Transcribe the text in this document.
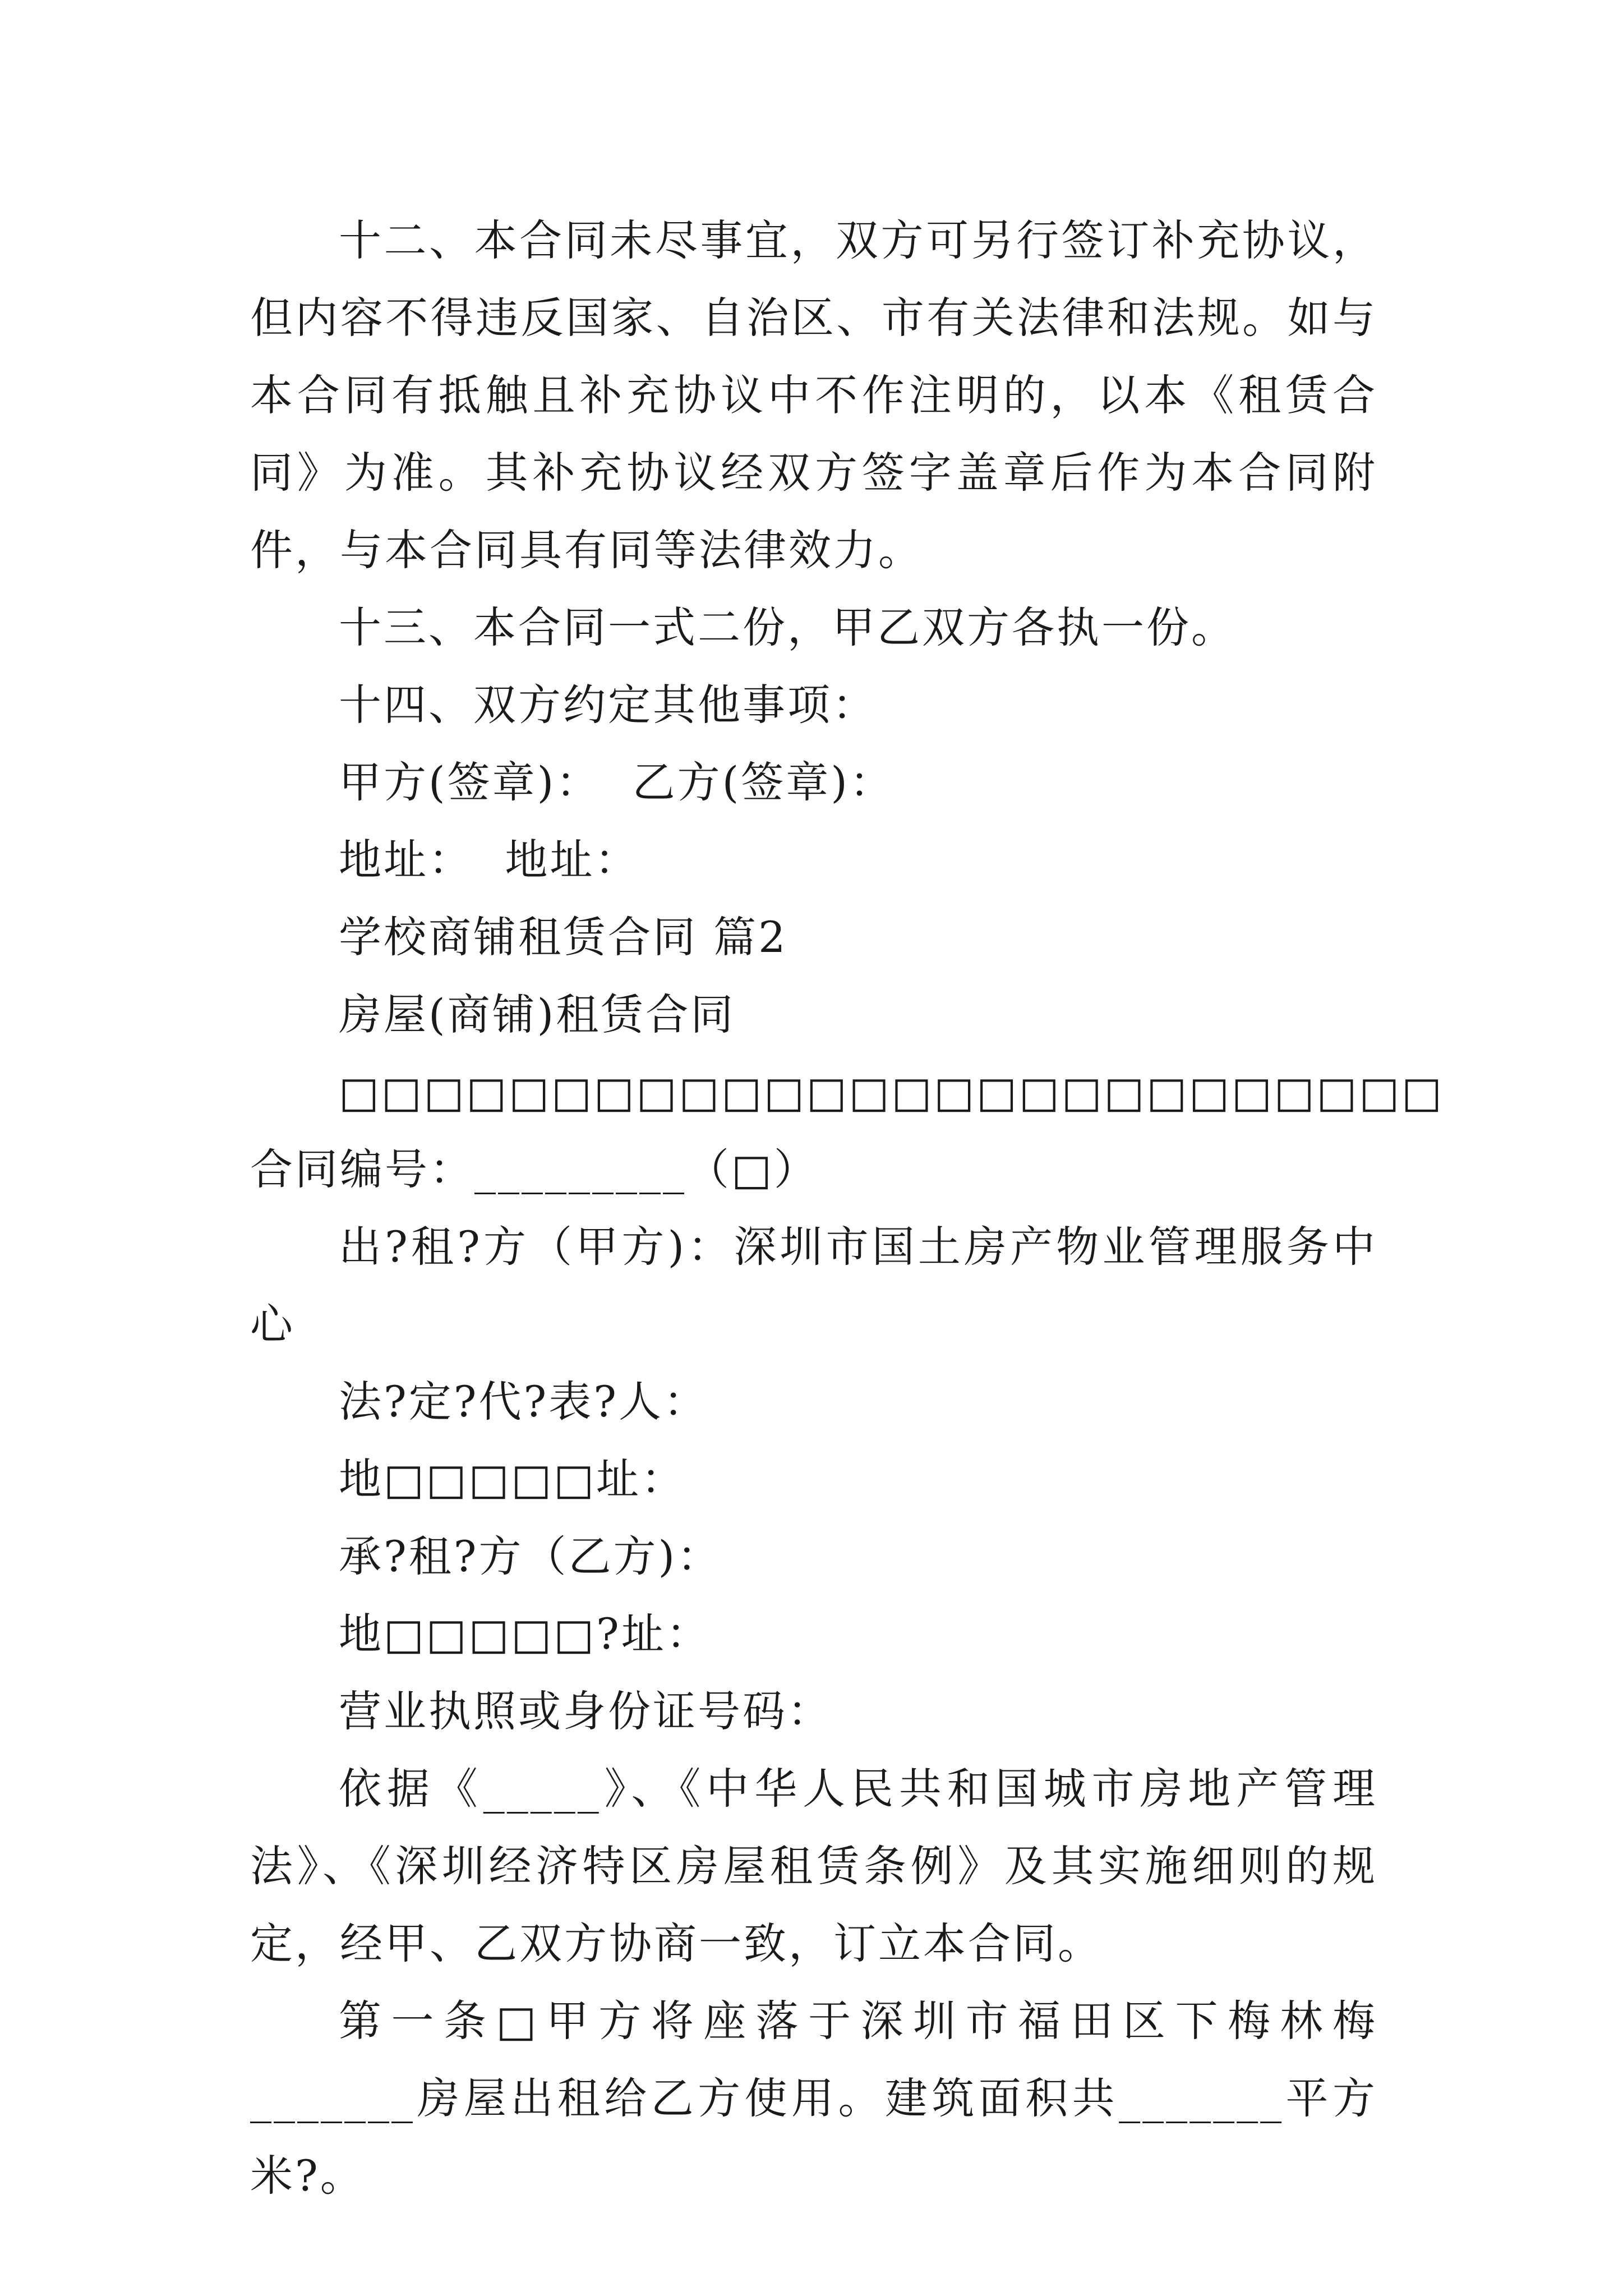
十二、本合同未尽事宜，双方可另行签订补充协议，但内容不得违反国家、自治区、市有关法律和法规。如与本合同有抵触且补充协议中不作注明的，以本《租赁合同》为准。其补充协议经双方签字盖章后作为本合同附件，与本合同具有同等法律效力。

十三、本合同一式二份，甲乙双方各执一份。

十四、双方约定其他事项：

甲方(签章)：  乙方(签章)：

地址：  地址：

学校商铺租赁合同 篇2

房屋(商铺)租赁合同

□□□□□□□□□□□□□□□□□□□□□□□□□□合同编号：_________（□）

出?租?方（甲方)：深圳市国土房产物业管理服务中心

法?定?代?表?人：

地□□□□□址：

承?租?方（乙方)：

地□□□□□?址：

营业执照或身份证号码：

依据《_____》、《中华人民共和国城市房地产管理法》、《深圳经济特区房屋租赁条例》及其实施细则的规定，经甲、乙双方协商一致，订立本合同。

第一条□甲方将座落于深圳市福田区下梅林梅_______房屋出租给乙方使用。建筑面积共_______平方米?。
